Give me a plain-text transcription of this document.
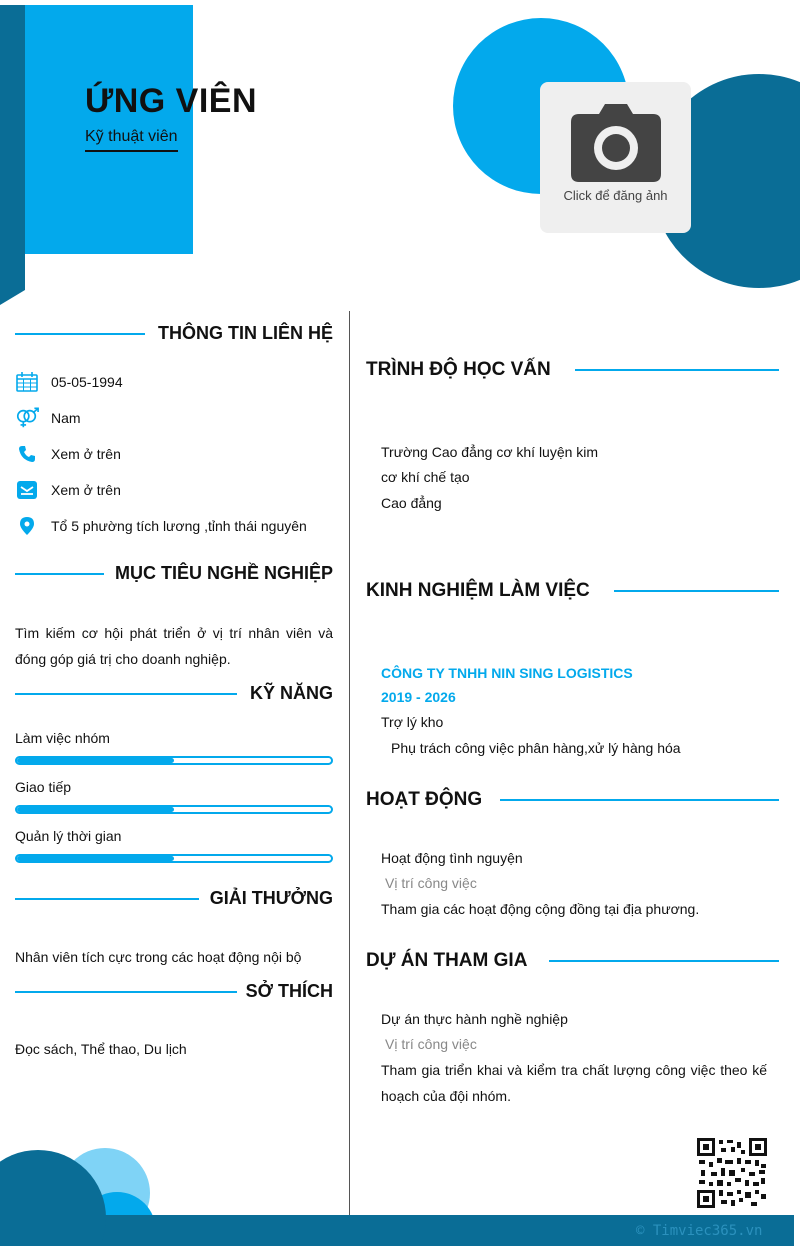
ỨNG VIÊN
Kỹ thuật viên
Click để đăng ảnh
THÔNG TIN LIÊN HỆ
05-05-1994
Nam
Xem ở trên
Xem ở trên
Tổ 5 phường tích lương ,tỉnh thái nguyên
MỤC TIÊU NGHỀ NGHIỆP
Tìm kiếm cơ hội phát triển ở vị trí nhân viên và đóng góp giá trị cho doanh nghiệp.
KỸ NĂNG
Làm việc nhóm
Giao tiếp
Quản lý thời gian
GIẢI THƯỞNG
Nhân viên tích cực trong các hoạt động nội bộ
SỞ THÍCH
Đọc sách, Thể thao, Du lịch
TRÌNH ĐỘ HỌC VẤN
Trường Cao đẳng cơ khí luyện kim
cơ khí chế tạo
Cao đẳng
KINH NGHIỆM LÀM VIỆC
CÔNG TY TNHH NIN SING LOGISTICS
2019 - 2026
Trợ lý kho
Phụ trách công việc phân hàng,xử lý hàng hóa
HOẠT ĐỘNG
Hoạt động tình nguyện
Vị trí công việc
Tham gia các hoạt động cộng đồng tại địa phương.
DỰ ÁN THAM GIA
Dự án thực hành nghề nghiệp
Vị trí công việc
Tham gia triển khai và kiểm tra chất lượng công việc theo kế hoạch của đội nhóm.
© Timviec365.vn
